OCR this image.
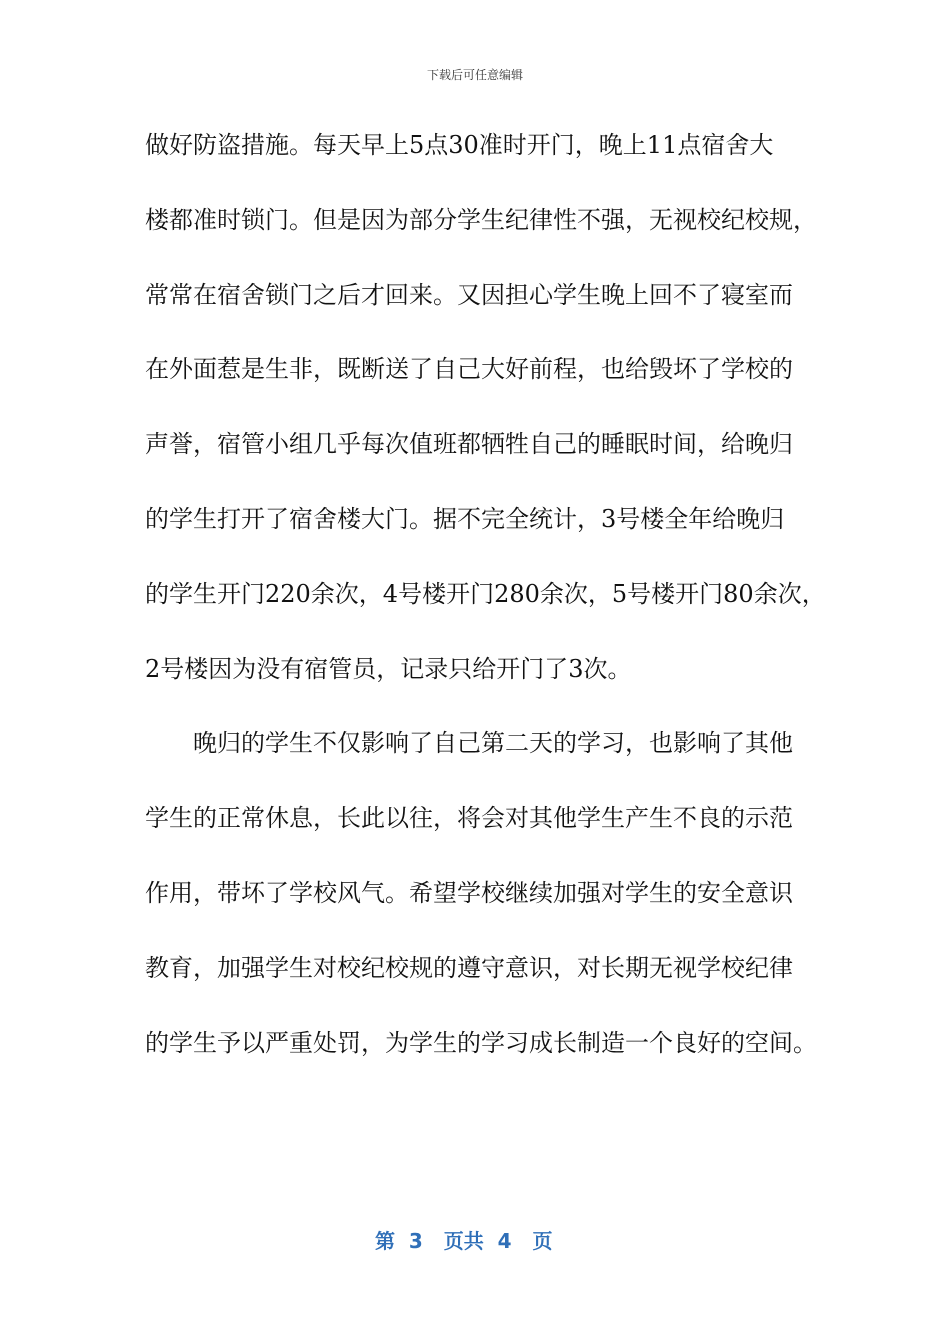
下载后可任意编辑
做好防盗措施。每天早上5点30准时开门，晚上11点宿舍大
楼都准时锁门。但是因为部分学生纪律性不强，无视校纪校规，
常常在宿舍锁门之后才回来。又因担心学生晚上回不了寝室而
在外面惹是生非，既断送了自己大好前程，也给毁坏了学校的
声誉，宿管小组几乎每次值班都牺牲自己的睡眠时间，给晚归
的学生打开了宿舍楼大门。据不完全统计，3号楼全年给晚归
的学生开门220余次，4号楼开门280余次，5号楼开门80余次，
2号楼因为没有宿管员，记录只给开门了3次。
晚归的学生不仅影响了自己第二天的学习，也影响了其他
学生的正常休息，长此以往，将会对其他学生产生不良的示范
作用，带坏了学校风气。希望学校继续加强对学生的安全意识
教育，加强学生对校纪校规的遵守意识，对长期无视学校纪律
的学生予以严重处罚，为学生的学习成长制造一个良好的空间。
第  3   页共  4   页
